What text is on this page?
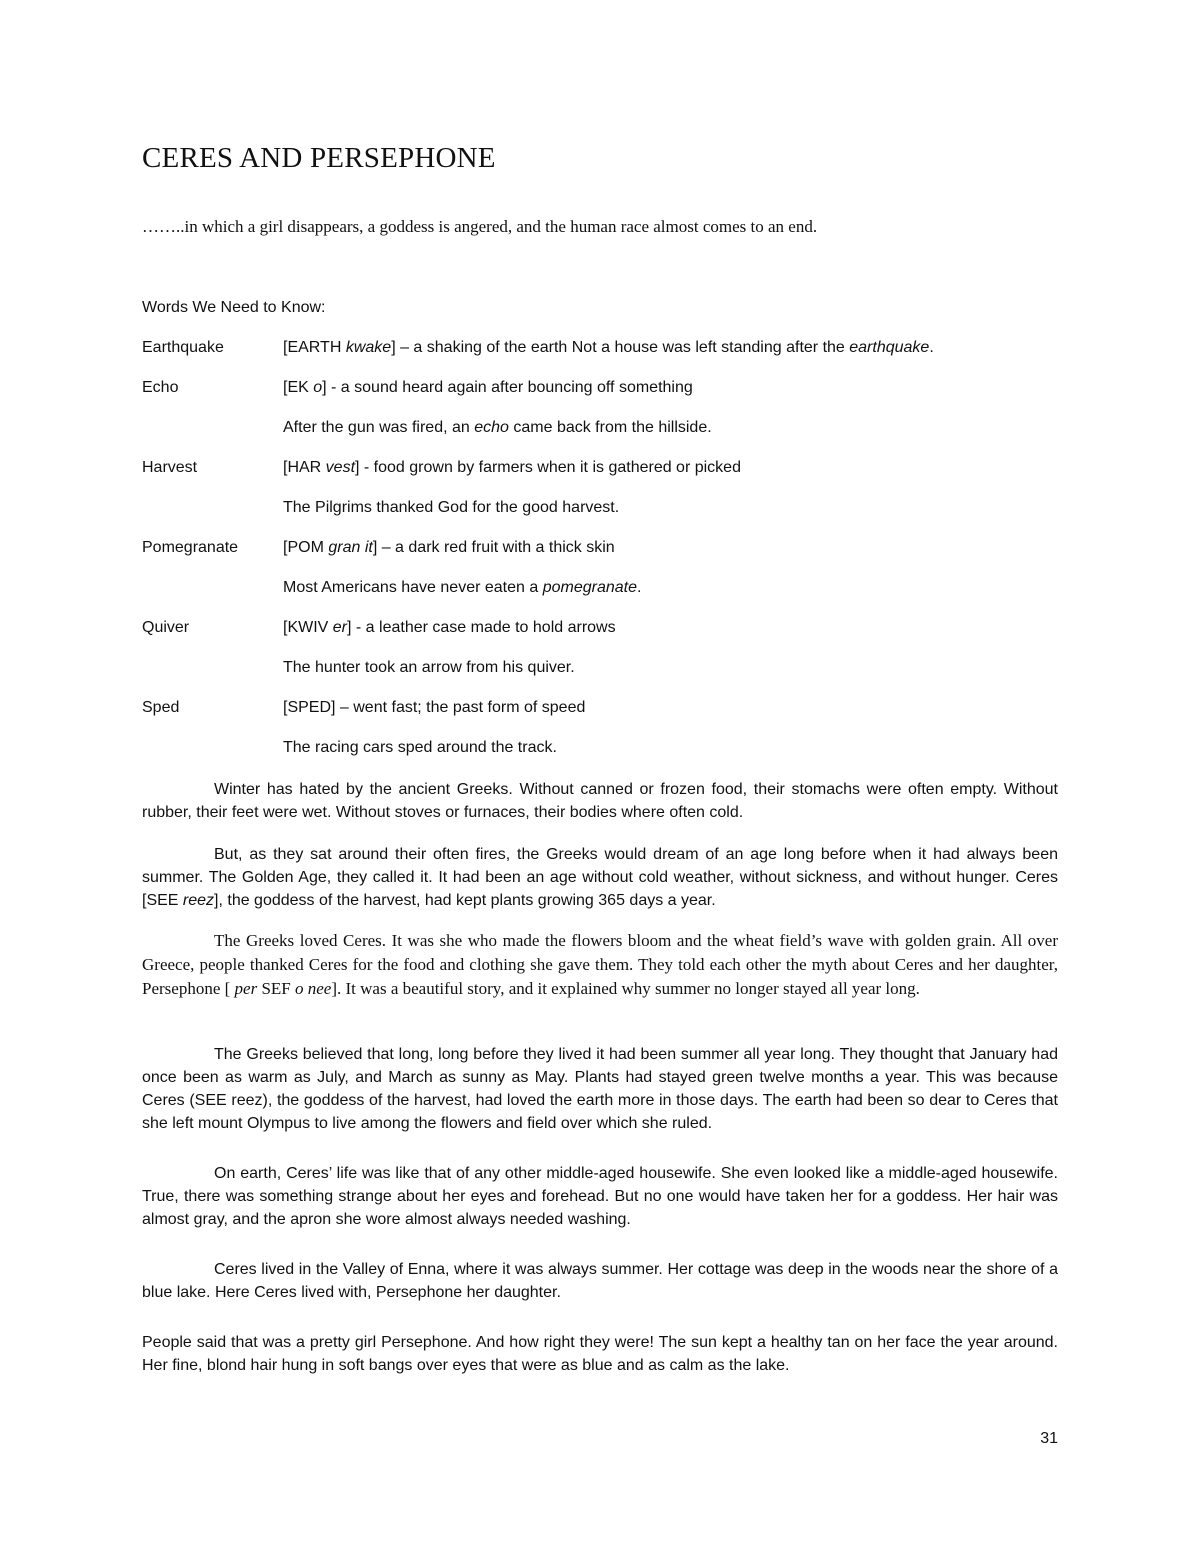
CERES AND PERSEPHONE

……..in which a girl disappears, a goddess is angered, and the human race almost comes to an end.

Words We Need to Know:

Earthquake	[EARTH kwake] – a shaking of the earth Not a house was left standing after the earthquake.

Echo	[EK o] - a sound heard again after bouncing off something

After the gun was fired, an echo came back from the hillside.

Harvest	[HAR vest] - food grown by farmers when it is gathered or picked

The Pilgrims thanked God for the good harvest.

Pomegranate	[POM gran it] – a dark red fruit with a thick skin

Most Americans have never eaten a pomegranate.

Quiver	[KWIV er] - a leather case made to hold arrows

The hunter took an arrow from his quiver.

Sped	[SPED] – went fast; the past form of speed

The racing cars sped around the track.

Winter has hated by the ancient Greeks. Without canned or frozen food, their stomachs were often empty. Without rubber, their feet were wet. Without stoves or furnaces, their bodies where often cold.

But, as they sat around their often fires, the Greeks would dream of an age long before when it had always been summer. The Golden Age, they called it. It had been an age without cold weather, without sickness, and without hunger. Ceres [SEE reez], the goddess of the harvest, had kept plants growing 365 days a year.

The Greeks loved Ceres. It was she who made the flowers bloom and the wheat field’s wave with golden grain. All over Greece, people thanked Ceres for the food and clothing she gave them. They told each other the myth about Ceres and her daughter, Persephone [ per SEF o nee]. It was a beautiful story, and it explained why summer no longer stayed all year long.

The Greeks believed that long, long before they lived it had been summer all year long. They thought that January had once been as warm as July, and March as sunny as May. Plants had stayed green twelve months a year. This was because Ceres (SEE reez), the goddess of the harvest, had loved the earth more in those days. The earth had been so dear to Ceres that she left mount Olympus to live among the flowers and field over which she ruled.

On earth, Ceres’ life was like that of any other middle-aged housewife. She even looked like a middle-aged housewife. True, there was something strange about her eyes and forehead. But no one would have taken her for a goddess. Her hair was almost gray, and the apron she wore almost always needed washing.

Ceres lived in the Valley of Enna, where it was always summer. Her cottage was deep in the woods near the shore of a blue lake. Here Ceres lived with, Persephone her daughter.

People said that was a pretty girl Persephone. And how right they were! The sun kept a healthy tan on her face the year around. Her fine, blond hair hung in soft bangs over eyes that were as blue and as calm as the lake.

31
